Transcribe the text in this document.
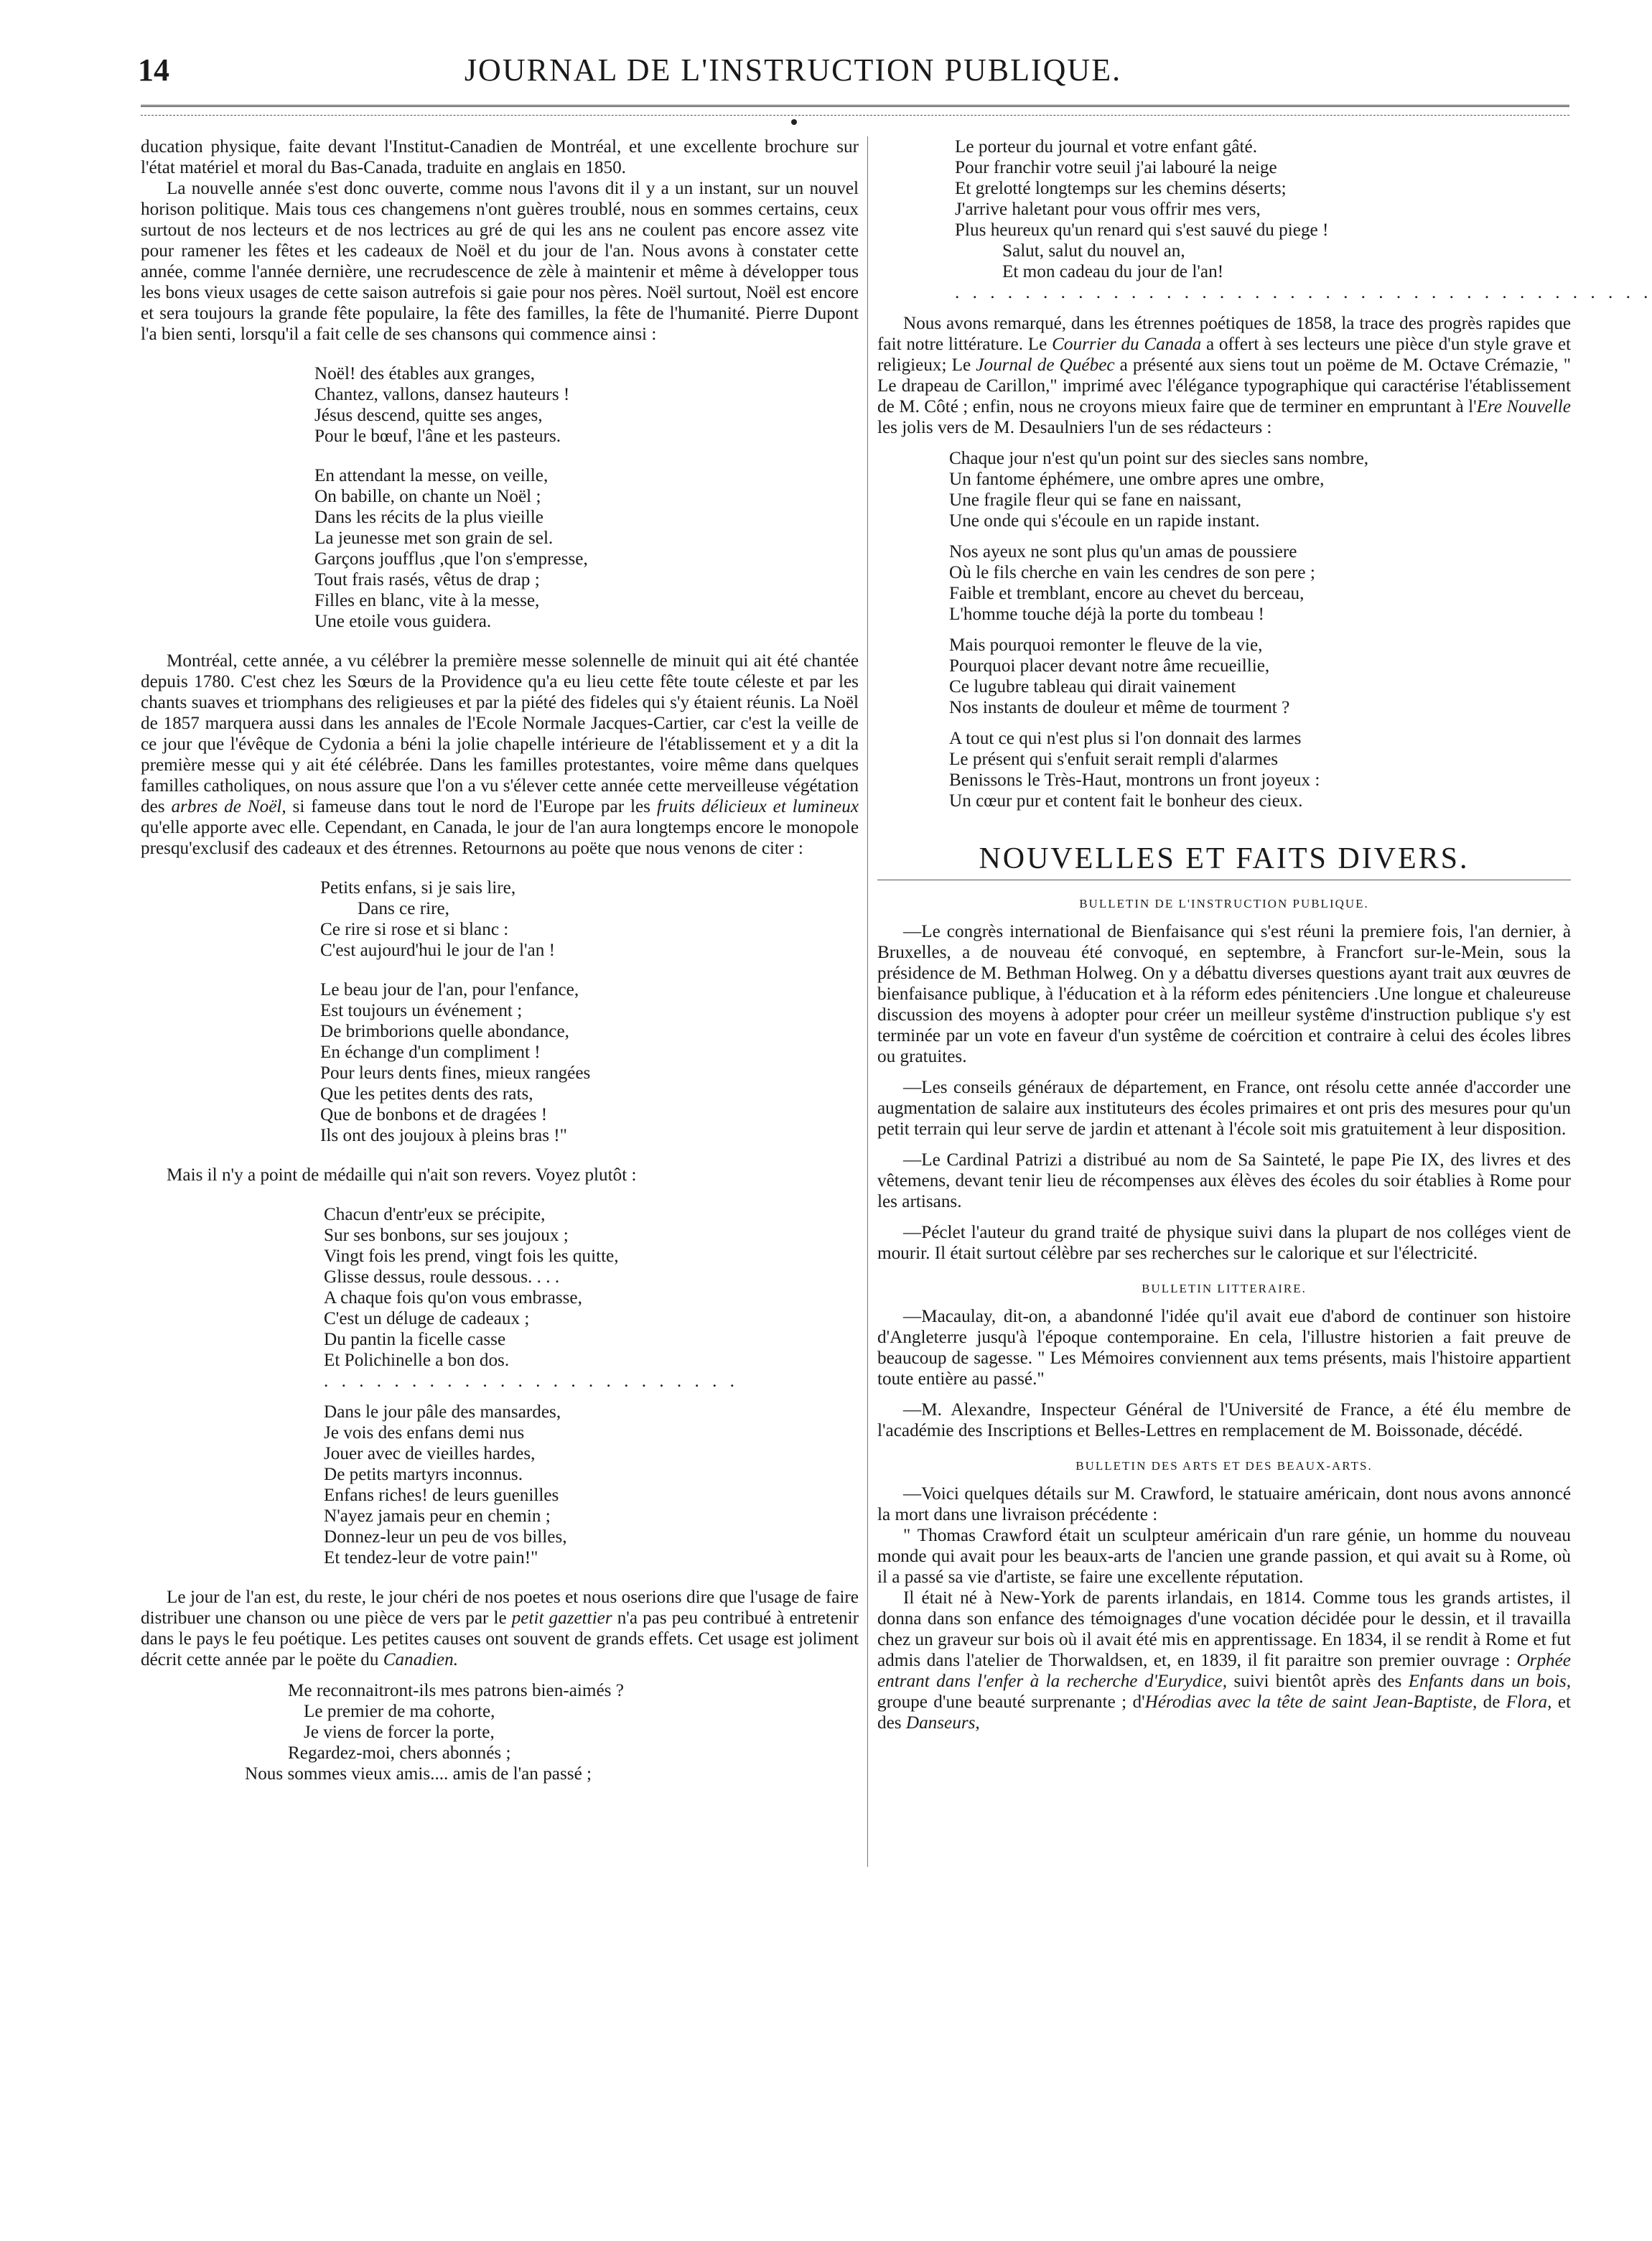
14	JOURNAL DE L'INSTRUCTION PUBLIQUE.

ducation physique, faite devant l'Institut-Canadien de Montréal, et une excellente brochure sur l'état matériel et moral du Bas-Canada, traduite en anglais en 1850.

La nouvelle année s'est donc ouverte, comme nous l'avons dit il y a un instant, sur un nouvel horison politique. Mais tous ces changemens n'ont guères troublé, nous en sommes certains, ceux surtout de nos lecteurs et de nos lectrices au gré de qui les ans ne coulent pas encore assez vite pour ramener les fêtes et les cadeaux de Noël et du jour de l'an. Nous avons à constater cette année, comme l'année dernière, une recrudescence de zèle à maintenir et même à développer tous les bons vieux usages de cette saison autrefois si gaie pour nos pères. Noël surtout, Noël est encore et sera toujours la grande fête populaire, la fête des familles, la fête de l'humanité. Pierre Dupont l'a bien senti, lorsqu'il a fait celle de ses chansons qui commence ainsi :

Noël! des étables aux granges,
Chantez, vallons, dansez hauteurs !
Jésus descend, quitte ses anges,
Pour le bœuf, l'âne et les pasteurs.
En attendant la messe, on veille,
On babille, on chante un Noël ;
Dans les récits de la plus vieille
La jeunesse met son grain de sel.
Garçons joufflus ,que l'on s'empresse,
Tout frais rasés, vêtus de drap ;
Filles en blanc, vite à la messe,
Une etoile vous guidera.

Montréal, cette année, a vu célébrer la première messe solennelle de minuit qui ait été chantée depuis 1780. C'est chez les Sœurs de la Providence qu'a eu lieu cette fête toute céleste et par les chants suaves et triomphans des religieuses et par la piété des fideles qui s'y étaient réunis. La Noël de 1857 marquera aussi dans les annales de l'Ecole Normale Jacques-Cartier, car c'est la veille de ce jour que l'évêque de Cydonia a béni la jolie chapelle intérieure de l'établissement et y a dit la première messe qui y ait été célébrée. Dans les familles protestantes, voire même dans quelques familles catholiques, on nous assure que l'on a vu s'élever cette année cette merveilleuse végétation des arbres de Noël, si fameuse dans tout le nord de l'Europe par les fruits délicieux et lumineux qu'elle apporte avec elle. Cependant, en Canada, le jour de l'an aura longtemps encore le monopole presqu'exclusif des cadeaux et des étrennes. Retournons au poëte que nous venons de citer :

Petits enfans, si je sais lire,
Dans ce rire,
Ce rire si rose et si blanc :
C'est aujourd'hui le jour de l'an !
Le beau jour de l'an, pour l'enfance,
Est toujours un événement ;
De brimborions quelle abondance,
En échange d'un compliment !
Pour leurs dents fines, mieux rangées
Que les petites dents des rats,
Que de bonbons et de dragées !
Ils ont des joujoux à pleins bras !"

Mais il n'y a point de médaille qui n'ait son revers. Voyez plutôt :

Chacun d'entr'eux se précipite,
Sur ses bonbons, sur ses joujoux ;
Vingt fois les prend, vingt fois les quitte,
Glisse dessus, roule dessous. . . .
A chaque fois qu'on vous embrasse,
C'est un déluge de cadeaux ;
Du pantin la ficelle casse
Et Polichinelle a bon dos.
. . . . . . . . . . . . . . . . . . . . . . . .
Dans le jour pâle des mansardes,
Je vois des enfans demi nus
Jouer avec de vieilles hardes,
De petits martyrs inconnus.
Enfans riches! de leurs guenilles
N'ayez jamais peur en chemin ;
Donnez-leur un peu de vos billes,
Et tendez-leur de votre pain!"

Le jour de l'an est, du reste, le jour chéri de nos poetes et nous oserions dire que l'usage de faire distribuer une chanson ou une pièce de vers par le petit gazettier n'a pas peu contribué à entretenir dans le pays le feu poétique. Les petites causes ont souvent de grands effets. Cet usage est joliment décrit cette année par le poëte du Canadien.

Me reconnaitront-ils mes patrons bien-aimés ?
Le premier de ma cohorte,
Je viens de forcer la porte,
Regardez-moi, chers abonnés ;
Nous sommes vieux amis.... amis de l'an passé ;
Le porteur du journal et votre enfant gâté.
Pour franchir votre seuil j'ai labouré la neige
Et grelotté longtemps sur les chemins déserts;
J'arrive haletant pour vous offrir mes vers,
Plus heureux qu'un renard qui s'est sauvé du piege !
Salut, salut du nouvel an,
Et mon cadeau du jour de l'an!
. . . . . . . . . . . . . . . . . . . . . . . . . . . . . . . . . . . . . . . .

Nous avons remarqué, dans les étrennes poétiques de 1858, la trace des progrès rapides que fait notre littérature. Le Courrier du Canada a offert à ses lecteurs une pièce d'un style grave et religieux; Le Journal de Québec a présenté aux siens tout un poëme de M. Octave Crémazie, " Le drapeau de Carillon," imprimé avec l'élégance typographique qui caractérise l'établissement de M. Côté ; enfin, nous ne croyons mieux faire que de terminer en empruntant à l'Ere Nouvelle les jolis vers de M. Desaulniers l'un de ses rédacteurs :

Chaque jour n'est qu'un point sur des siecles sans nombre,
Un fantome éphémere, une ombre apres une ombre,
Une fragile fleur qui se fane en naissant,
Une onde qui s'écoule en un rapide instant.
Nos ayeux ne sont plus qu'un amas de poussiere
Où le fils cherche en vain les cendres de son pere ;
Faible et tremblant, encore au chevet du berceau,
L'homme touche déjà la porte du tombeau !
Mais pourquoi remonter le fleuve de la vie,
Pourquoi placer devant notre âme recueillie,
Ce lugubre tableau qui dirait vainement
Nos instants de douleur et même de tourment ?
A tout ce qui n'est plus si l'on donnait des larmes
Le présent qui s'enfuit serait rempli d'alarmes
Benissons le Très-Haut, montrons un front joyeux :
Un cœur pur et content fait le bonheur des cieux.
NOUVELLES ET FAITS DIVERS.
BULLETIN DE L'INSTRUCTION PUBLIQUE.

—Le congrès international de Bienfaisance qui s'est réuni la premiere fois, l'an dernier, à Bruxelles, a de nouveau été convoqué, en septembre, à Francfort sur-le-Mein, sous la présidence de M. Bethman Holweg. On y a débattu diverses questions ayant trait aux œuvres de bienfaisance publique, à l'éducation et à la réform edes pénitenciers .Une longue et chaleureuse discussion des moyens à adopter pour créer un meilleur systême d'instruction publique s'y est terminée par un vote en faveur d'un systême de coércition et contraire à celui des écoles libres ou gratuites.

—Les conseils généraux de département, en France, ont résolu cette année d'accorder une augmentation de salaire aux instituteurs des écoles primaires et ont pris des mesures pour qu'un petit terrain qui leur serve de jardin et attenant à l'école soit mis gratuitement à leur disposition.

—Le Cardinal Patrizi a distribué au nom de Sa Sainteté, le pape Pie IX, des livres et des vêtemens, devant tenir lieu de récompenses aux élèves des écoles du soir établies à Rome pour les artisans.

—Péclet l'auteur du grand traité de physique suivi dans la plupart de nos colléges vient de mourir. Il était surtout célèbre par ses recherches sur le calorique et sur l'électricité.

BULLETIN LITTERAIRE.

—Macaulay, dit-on, a abandonné l'idée qu'il avait eue d'abord de continuer son histoire d'Angleterre jusqu'à l'époque contemporaine. En cela, l'illustre historien a fait preuve de beaucoup de sagesse. " Les Mémoires conviennent aux tems présents, mais l'histoire appartient toute entière au passé."

—M. Alexandre, Inspecteur Général de l'Université de France, a été élu membre de l'académie des Inscriptions et Belles-Lettres en remplacement de M. Boissonade, décédé.

BULLETIN DES ARTS ET DES BEAUX-ARTS.

—Voici quelques détails sur M. Crawford, le statuaire américain, dont nous avons annoncé la mort dans une livraison précédente :

" Thomas Crawford était un sculpteur américain d'un rare génie, un homme du nouveau monde qui avait pour les beaux-arts de l'ancien une grande passion, et qui avait su à Rome, où il a passé sa vie d'artiste, se faire une excellente réputation.

Il était né à New-York de parents irlandais, en 1814. Comme tous les grands artistes, il donna dans son enfance des témoignages d'une vocation décidée pour le dessin, et il travailla chez un graveur sur bois où il avait été mis en apprentissage. En 1834, il se rendit à Rome et fut admis dans l'atelier de Thorwaldsen, et, en 1839, il fit paraitre son premier ouvrage : Orphée entrant dans l'enfer à la recherche d'Eurydice, suivi bientôt après des Enfants dans un bois, groupe d'une beauté surprenante ; d'Hérodias avec la tête de saint Jean-Baptiste, de Flora, et des Danseurs,
